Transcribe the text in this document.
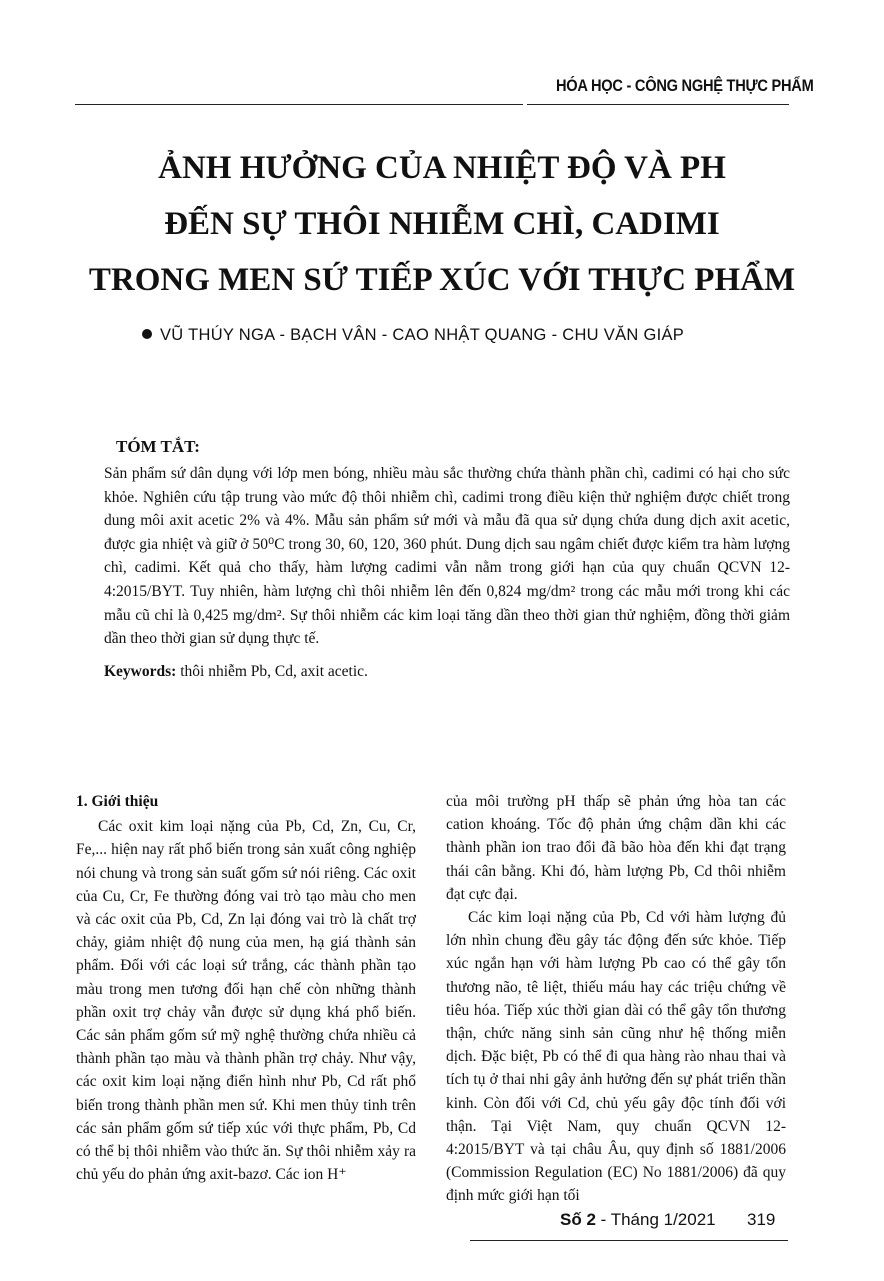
HÓA HỌC - CÔNG NGHỆ THỰC PHẨM
ẢNH HƯỞNG CỦA NHIỆT ĐỘ VÀ PH
ĐẾN SỰ THÔI NHIỄM CHÌ, CADIMI
TRONG MEN SỨ TIẾP XÚC VỚI THỰC PHẨM
VŨ THÚY NGA - BẠCH VÂN - CAO NHẬT QUANG - CHU VĂN GIÁP
TÓM TẮT:

Sản phẩm sứ dân dụng với lớp men bóng, nhiều màu sắc thường chứa thành phần chì, cadimi có hại cho sức khỏe. Nghiên cứu tập trung vào mức độ thôi nhiễm chì, cadimi trong điều kiện thử nghiệm được chiết trong dung môi axit acetic 2% và 4%. Mẫu sản phẩm sứ mới và mẫu đã qua sử dụng chứa dung dịch axit acetic, được gia nhiệt và giữ ở 50⁰C trong 30, 60, 120, 360 phút. Dung dịch sau ngâm chiết được kiểm tra hàm lượng chì, cadimi. Kết quả cho thấy, hàm lượng cadimi vẫn nằm trong giới hạn của quy chuẩn QCVN 12-4:2015/BYT. Tuy nhiên, hàm lượng chì thôi nhiễm lên đến 0,824 mg/dm² trong các mẫu mới trong khi các mẫu cũ chỉ là 0,425 mg/dm². Sự thôi nhiễm các kim loại tăng dần theo thời gian thử nghiệm, đồng thời giảm dần theo thời gian sử dụng thực tế.

Keywords: thôi nhiễm Pb, Cd, axit acetic.
1. Giới thiệu

Các oxit kim loại nặng của Pb, Cd, Zn, Cu, Cr, Fe,... hiện nay rất phổ biến trong sản xuất công nghiệp nói chung và trong sản suất gốm sứ nói riêng. Các oxit của Cu, Cr, Fe thường đóng vai trò tạo màu cho men và các oxit của Pb, Cd, Zn lại đóng vai trò là chất trợ chảy, giảm nhiệt độ nung của men, hạ giá thành sản phẩm. Đối với các loại sứ trắng, các thành phần tạo màu trong men tương đối hạn chế còn những thành phần oxit trợ chảy vẫn được sử dụng khá phổ biến. Các sản phẩm gốm sứ mỹ nghệ thường chứa nhiều cả thành phần tạo màu và thành phần trợ chảy. Như vậy, các oxit kim loại nặng điển hình như Pb, Cd rất phổ biến trong thành phần men sứ. Khi men thủy tinh trên các sản phẩm gốm sứ tiếp xúc với thực phẩm, Pb, Cd có thể bị thôi nhiễm vào thức ăn. Sự thôi nhiễm xảy ra chủ yếu do phản ứng axit-bazơ. Các ion H⁺

của môi trường pH thấp sẽ phản ứng hòa tan các cation khoáng. Tốc độ phản ứng chậm dần khi các thành phần ion trao đổi đã bão hòa đến khi đạt trạng thái cân bằng. Khi đó, hàm lượng Pb, Cd thôi nhiễm đạt cực đại.

Các kim loại nặng của Pb, Cd với hàm lượng đủ lớn nhìn chung đều gây tác động đến sức khỏe. Tiếp xúc ngắn hạn với hàm lượng Pb cao có thể gây tổn thương não, tê liệt, thiếu máu hay các triệu chứng về tiêu hóa. Tiếp xúc thời gian dài có thể gây tổn thương thận, chức năng sinh sản cũng như hệ thống miễn dịch. Đặc biệt, Pb có thể đi qua hàng rào nhau thai và tích tụ ở thai nhi gây ảnh hưởng đến sự phát triển thần kinh. Còn đối với Cd, chủ yếu gây độc tính đối với thận. Tại Việt Nam, quy chuẩn QCVN 12-4:2015/BYT và tại châu Âu, quy định số 1881/2006 (Commission Regulation (EC) No 1881/2006) đã quy định mức giới hạn tối

Số 2 - Tháng 1/2021 319
